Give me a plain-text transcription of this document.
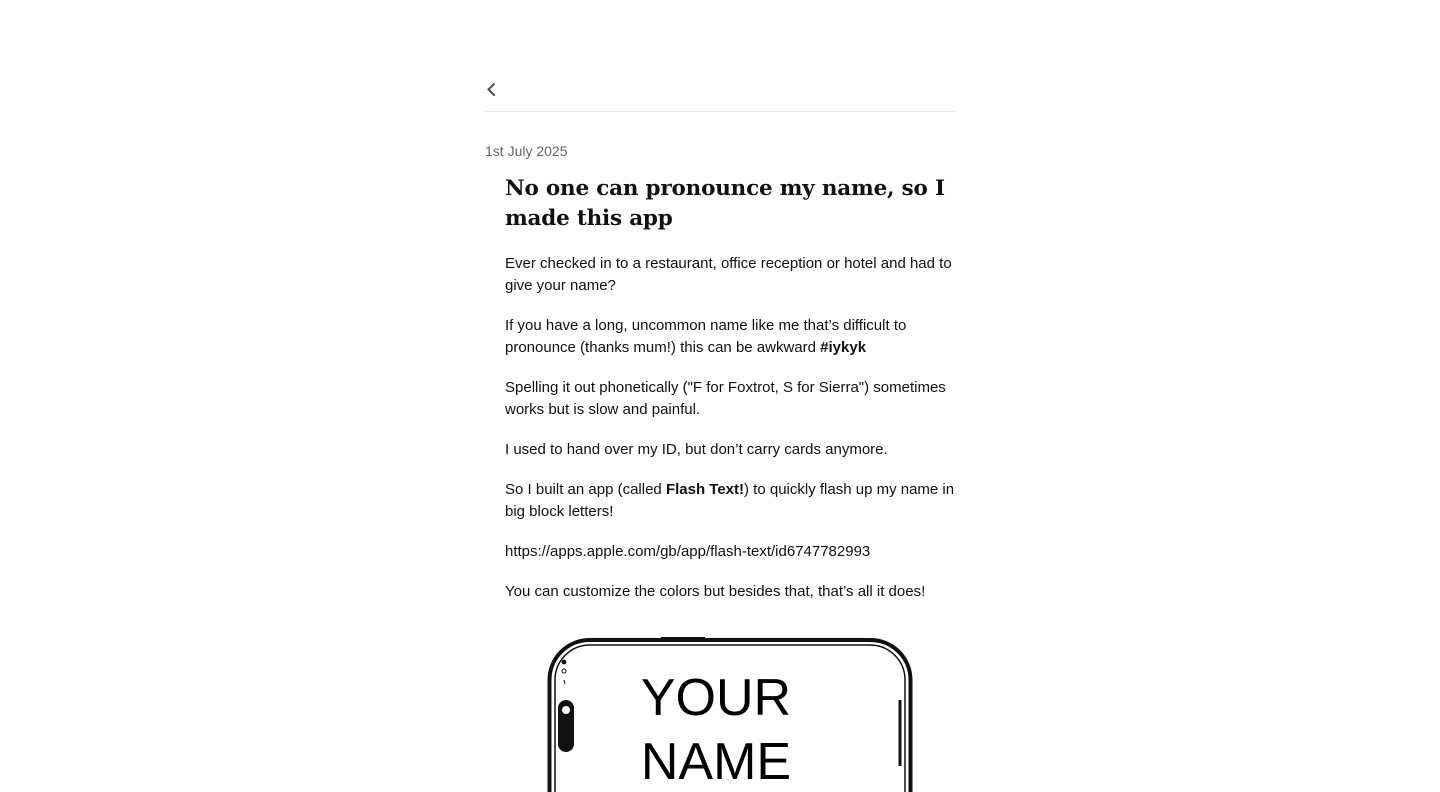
1st July 2025
No one can pronounce my name, so I made this app

Ever checked in to a restaurant, office reception or hotel and had to give your name?

If you have a long, uncommon name like me that’s difficult to pronounce (thanks mum!) this can be awkward #iykyk

Spelling it out phonetically ("F for Foxtrot, S for Sierra") sometimes works but is slow and painful.

I used to hand over my ID, but don’t carry cards anymore.

So I built an app (called Flash Text!) to quickly flash up my name in big block letters!

https://apps.apple.com/gb/app/flash-text/id6747782993

You can customize the colors but besides that, that’s all it does!

YOUR
NAME
